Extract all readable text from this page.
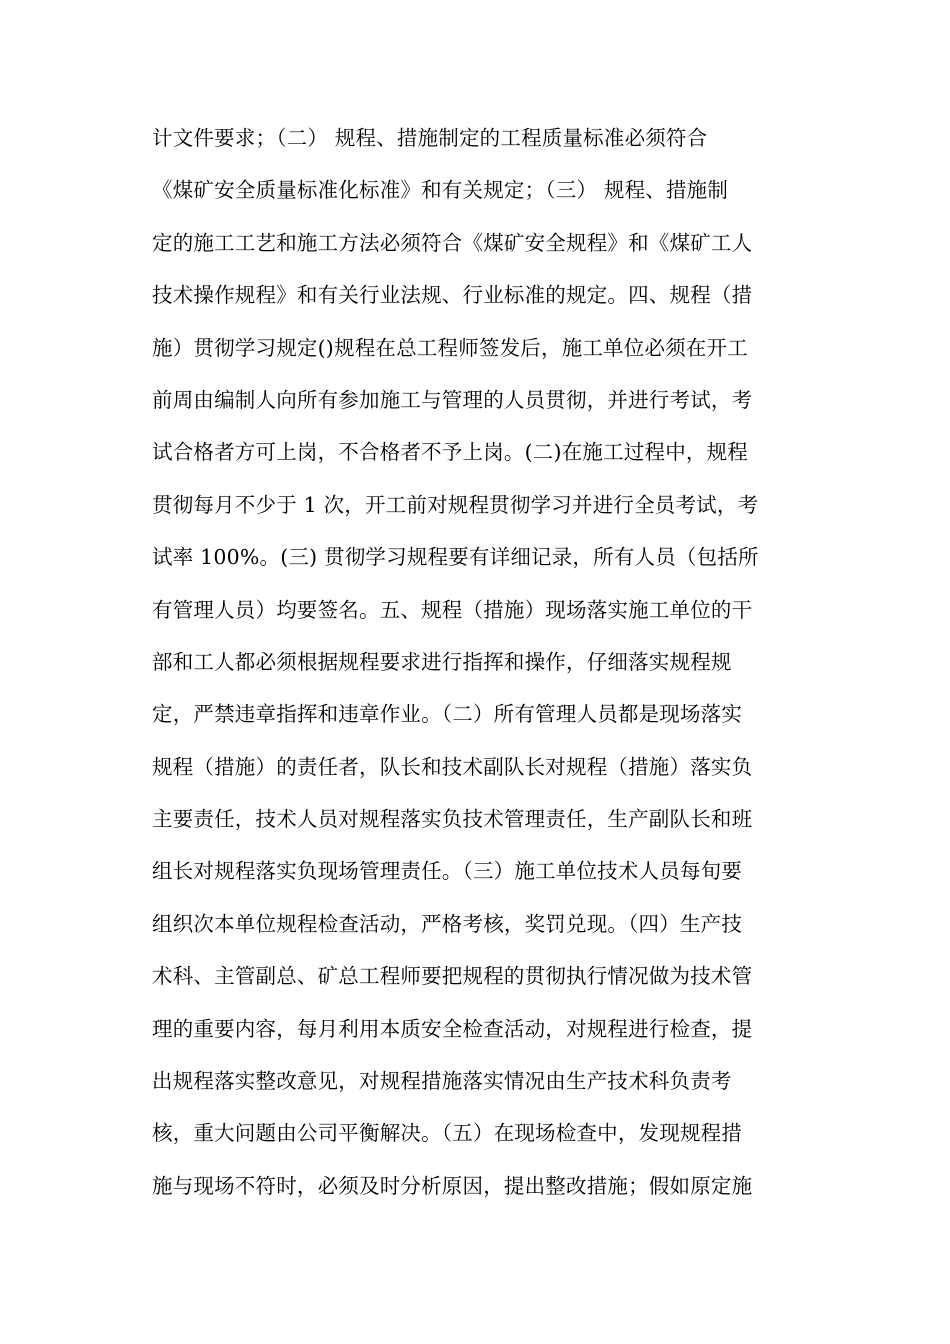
计文件要求；（二） 规程、措施制定的工程质量标准必须符合
《煤矿安全质量标准化标准》和有关规定；（三） 规程、措施制
定的施工工艺和施工方法必须符合《煤矿安全规程》和《煤矿工人
技术操作规程》和有关行业法规、行业标准的规定。四、规程（措
施）贯彻学习规定()规程在总工程师签发后，施工单位必须在开工
前周由编制人向所有参加施工与管理的人员贯彻，并进行考试，考
试合格者方可上岗，不合格者不予上岗。(二)在施工过程中，规程
贯彻每月不少于 1 次，开工前对规程贯彻学习并进行全员考试，考
试率 100%。(三) 贯彻学习规程要有详细记录，所有人员（包括所
有管理人员）均要签名。五、规程（措施）现场落实施工单位的干
部和工人都必须根据规程要求进行指挥和操作，仔细落实规程规
定，严禁违章指挥和违章作业。（二）所有管理人员都是现场落实
规程（措施）的责任者，队长和技术副队长对规程（措施）落实负
主要责任，技术人员对规程落实负技术管理责任，生产副队长和班
组长对规程落实负现场管理责任。（三）施工单位技术人员每旬要
组织次本单位规程检查活动，严格考核，奖罚兑现。（四）生产技
术科、主管副总、矿总工程师要把规程的贯彻执行情况做为技术管
理的重要内容，每月利用本质安全检查活动，对规程进行检查，提
出规程落实整改意见，对规程措施落实情况由生产技术科负责考
核，重大问题由公司平衡解决。（五）在现场检查中，发现规程措
施与现场不符时，必须及时分析原因，提出整改措施；假如原定施
